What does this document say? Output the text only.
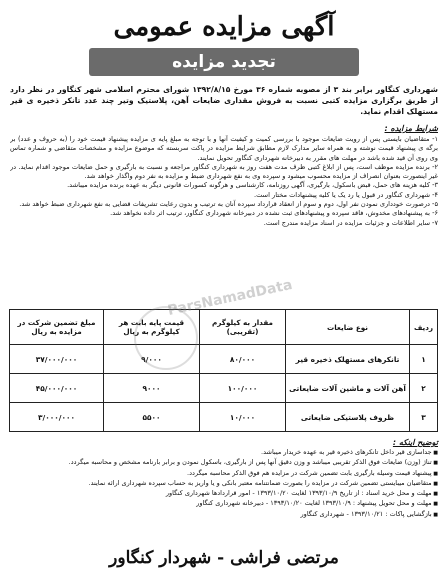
آگهی مزایده عمومی
تجدید مزایده
شهرداری کنگاور برابر بند ۳ از مصوبه شماره ۳۶ مورخ ۱۳۹۲/۸/۱۵ شورای محترم اسلامی شهر کنگاور در نظر دارد از طریق برگزاری مزایده کتبی نسبت به فروش مقداری ضایعات آهن، پلاستیک وتیر چند عدد تانکر ذخیره ی قیر مستهلک اقدام نماید.
شرایط مزایده :

۱- متقاضیان بایستی پس از رویت ضایعات موجود با بررسی کمیت و کیفیت آنها و با توجه به مبلغ پایه ی مزایده پیشنهاد قیمت خود را (به حروف و عدد) بر برگه ی پیشنهاد قیمت نوشته و به همراه سایر مدارک لازم مطابق شرایط مزایده در پاکت سربسته که موضوع مزایده و مشخصات متقاضی و شماره تماس وی روی آن قید شده باشد در مهلت های مقرر به دبیرخانه شهرداری کنگاور تحویل نمایند.

۲- برنده مزایده موظف است، پس از ابلاغ کتبی ظرف مدت هفت روز به شهرداری کنگاور مراجعه و نسبت به بارگیری و حمل ضایعات موجود اقدام نماید. در غیر اینصورت بعنوان انصراف از مزایده محسوب میشود و سپرده وی به نفع شهرداری ضبط و مزایده به نفر دوم واگذار خواهد شد.

۳- کلیه هزینه های حمل، قبض باسکول، بارگیری، آگهی روزنامه، کارشناسی و هرگونه کسورات قانونی دیگر به عهده برنده مزایده میباشد.

۴- شهرداری کنگاور در قبول یا رد یک یا کلیه پیشنهادات مختار است.

۵- درصورت خودداری نمودن نفر اول، دوم و سوم از انعقاد قرارداد سپرده آنان به ترتیب و بدون رعایت تشریفات قضایی به نفع شهرداری ضبط خواهد شد.

۶- به پیشنهادهای مخدوش، فاقد سپرده و پیشنهادهای ثبت نشده در دبیرخانه شهرداری کنگاور، ترتیب اثر داده نخواهد شد.

۷- سایر اطلاعات و جزئیات مزایده در اسناد مزایده مندرج است.

ردیف	نوع ضایعات	مقدار به کیلوگرم (تقریبی)	قیمت پایه بابت هر کیلوگرم به ریال	مبلغ تضمین شرکت در مزایده به ریال
۱	تانکرهای مستهلک ذخیره قیر	۸۰/۰۰۰	۹/۰۰۰	۳۷/۰۰۰/۰۰۰
۲	آهن آلات و ماشین آلات ضایعاتی	۱۰۰/۰۰۰	۹۰۰۰	۴۵/۰۰۰/۰۰۰
۳	ظروف پلاستیکی ضایعاتی	۱۰/۰۰۰	۵۵۰۰	۳/۰۰۰/۰۰۰
توضیح اینکه :

■ جداسازی قیر داخل تانکرهای ذخیره قیر به عهده خریدار میباشد.

■ تناژ (وزن) ضایعات فوق الذکر تقریبی میباشد و وزن دقیق آنها پس از بارگیری، باسکول نمودن و برابر بارنامه مشخص و محاسبه میگردد.

■ پیشنهاد قیمت وسیله بارگیری بابت تضمین شرکت در مزایده هم فوق الذکر محاسبه میگردد.

■ متقاضیان میبایستی تضمین شرکت در مزایده را بصورت ضمانتنامه معتبر بانکی و یا واریز به حساب سپرده شهرداری ارائه نمایند.

■ مهلت و محل خرید اسناد : از تاریخ ۱۳۹۳/۱۰/۹ لغایت ۱۳۹۳/۱۰/۲۰ - امور قراردادها شهرداری کنگاور

■ مهلت و محل تحویل پیشنهاد : ۱۳۹۳/۱۰/۹ لغایت ۱۳۹۳/۱۰/۲۰ - دبیرخانه شهرداری کنگاور

■ بازگشایی پاکات : ۱۳۹۳/۱۰/۲۱ - شهرداری کنگاور

مرتضی فراشی - شهردار کنگاور
ParsNamadData
